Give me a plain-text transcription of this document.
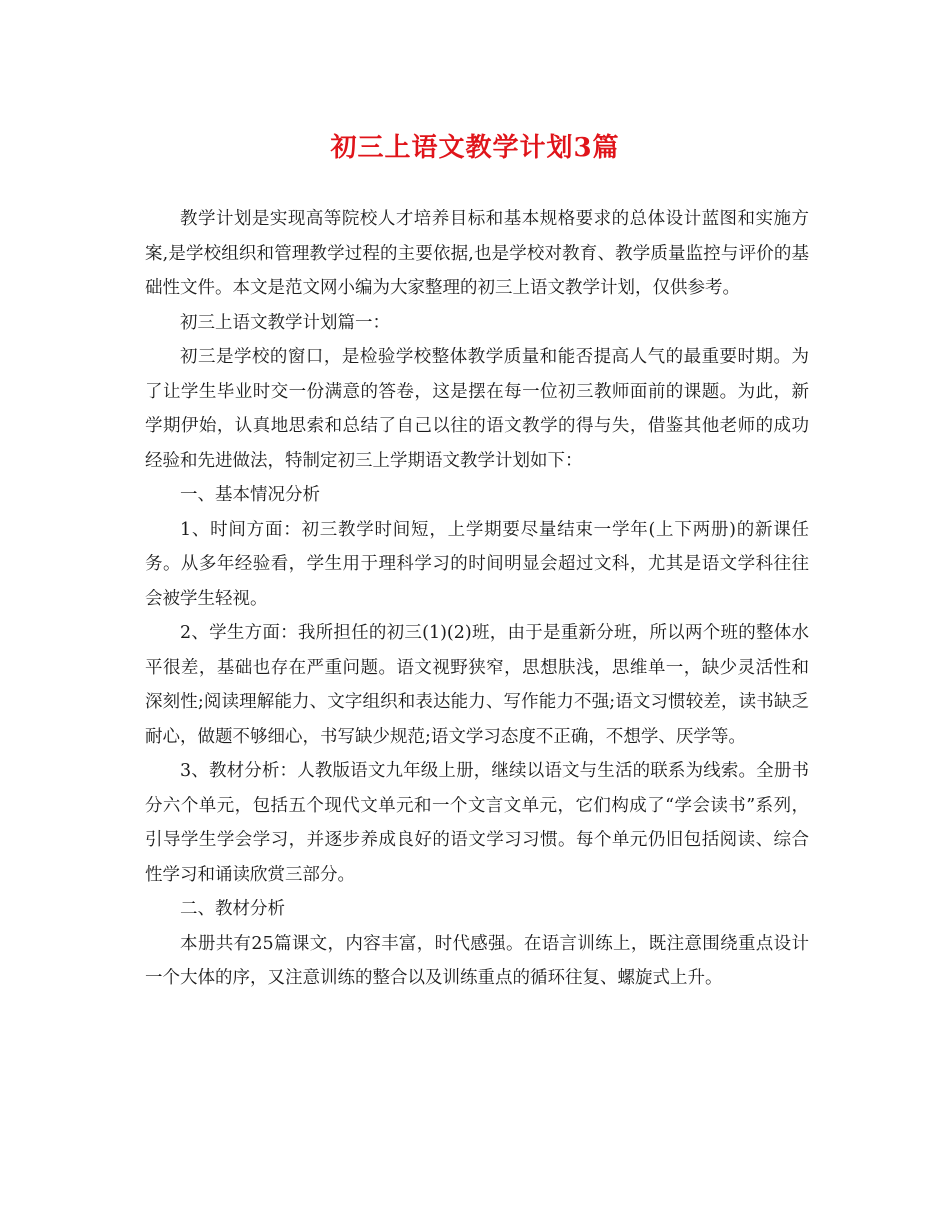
初三上语文教学计划3篇

教学计划是实现高等院校人才培养目标和基本规格要求的总体设计蓝图和实施方案,是学校组织和管理教学过程的主要依据,也是学校对教育、教学质量监控与评价的基础性文件。本文是范文网小编为大家整理的初三上语文教学计划，仅供参考。

初三上语文教学计划篇一：

初三是学校的窗口，是检验学校整体教学质量和能否提高人气的最重要时期。为了让学生毕业时交一份满意的答卷，这是摆在每一位初三教师面前的课题。为此，新学期伊始，认真地思索和总结了自己以往的语文教学的得与失，借鉴其他老师的成功经验和先进做法，特制定初三上学期语文教学计划如下：

一、基本情况分析

1、时间方面：初三教学时间短，上学期要尽量结束一学年(上下两册)的新课任务。从多年经验看，学生用于理科学习的时间明显会超过文科，尤其是语文学科往往会被学生轻视。

2、学生方面：我所担任的初三(1)(2)班，由于是重新分班，所以两个班的整体水平很差，基础也存在严重问题。语文视野狭窄，思想肤浅，思维单一，缺少灵活性和深刻性;阅读理解能力、文字组织和表达能力、写作能力不强;语文习惯较差，读书缺乏耐心，做题不够细心，书写缺少规范;语文学习态度不正确，不想学、厌学等。

3、教材分析：人教版语文九年级上册，继续以语文与生活的联系为线索。全册书分六个单元，包括五个现代文单元和一个文言文单元，它们构成了“学会读书”系列，引导学生学会学习，并逐步养成良好的语文学习习惯。每个单元仍旧包括阅读、综合性学习和诵读欣赏三部分。

二、教材分析

本册共有25篇课文，内容丰富，时代感强。在语言训练上，既注意围绕重点设计一个大体的序，又注意训练的整合以及训练重点的循环往复、螺旋式上升。
